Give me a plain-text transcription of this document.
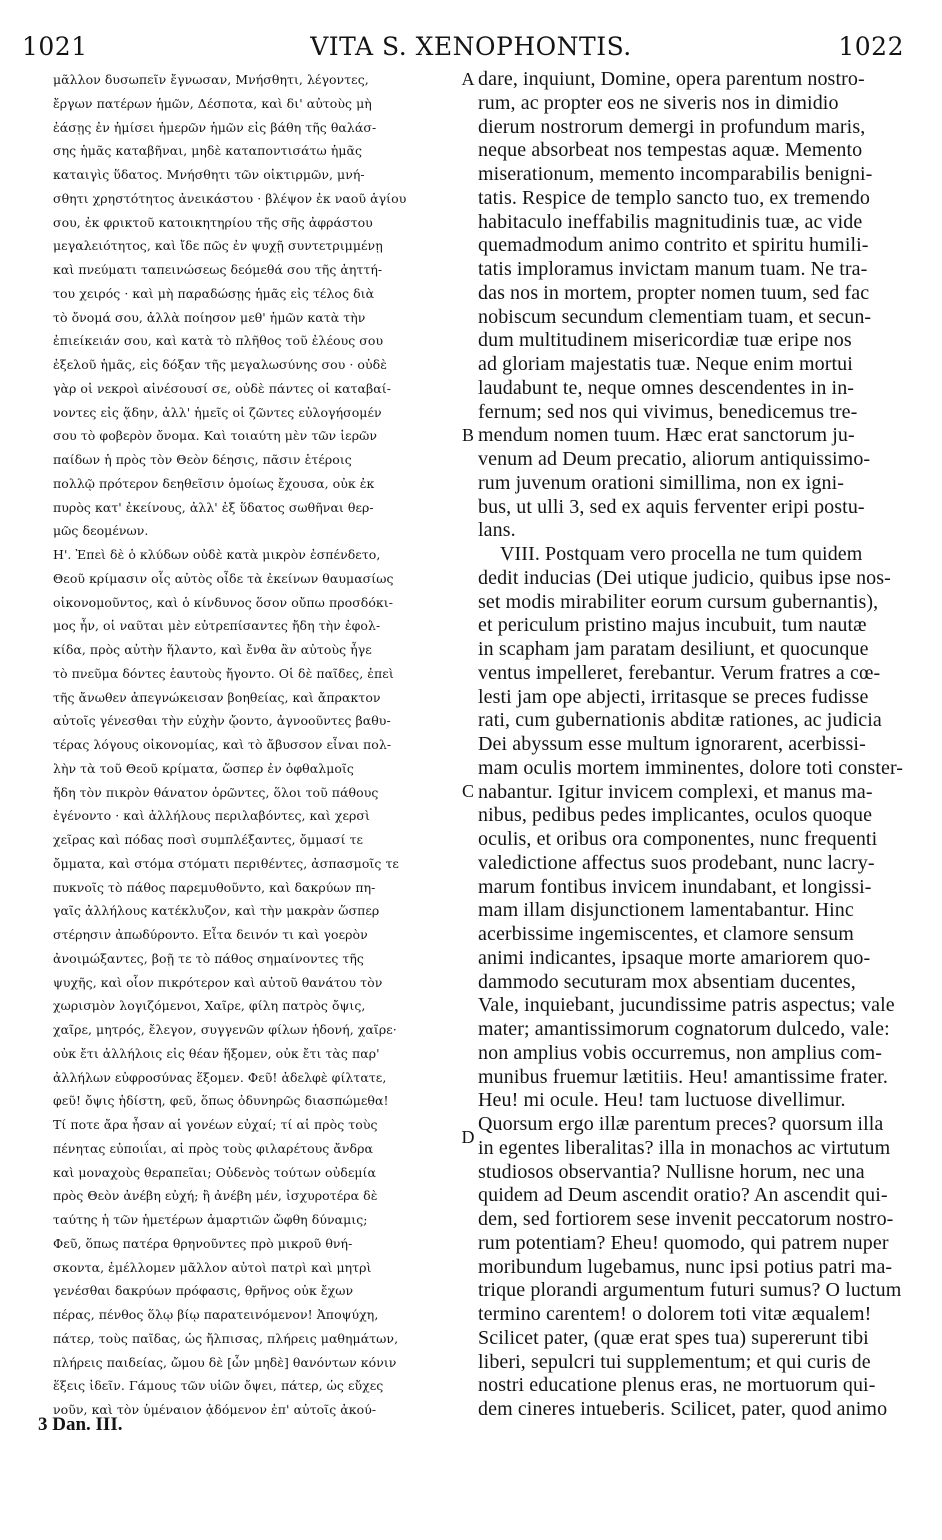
1021	VITA S. XENOPHONTIS.	1022
μᾶλλον δυσωπεῖν ἔγνωσαν, Μνήσθητι, λέγοντες,
ἔργων πατέρων ἡμῶν, Δέσποτα, καὶ δι' αὐτοὺς μὴ
ἐάσῃς ἐν ἡμίσει ἡμερῶν ἡμῶν εἰς βάθη τῆς θαλάσ-
σης ἡμᾶς καταβῆναι, μηδὲ καταποντισάτω ἡμᾶς
καταιγὶς ὕδατος. Μνήσθητι τῶν οἰκτιρμῶν, μνή-
σθητι χρηστότητος ἀνεικάστου · βλέψον ἐκ ναοῦ ἁγίου
σου, ἐκ φρικτοῦ κατοικητηρίου τῆς σῆς ἀφράστου
μεγαλειότητος, καὶ ἴδε πῶς ἐν ψυχῇ συντετριμμένῃ
καὶ πνεύματι ταπεινώσεως δεόμεθά σου τῆς ἀηττή-
του χειρός · καὶ μὴ παραδώσῃς ἡμᾶς εἰς τέλος διὰ
τὸ ὄνομά σου, ἀλλὰ ποίησον μεθ' ἡμῶν κατὰ τὴν
ἐπιείκειάν σου, καὶ κατὰ τὸ πλῆθος τοῦ ἐλέους σου
ἐξελοῦ ἡμᾶς, εἰς δόξαν τῆς μεγαλωσύνης σου · οὐδὲ
γὰρ οἱ νεκροὶ αἰνέσουσί σε, οὐδὲ πάντες οἱ καταβαί-
νοντες εἰς ᾅδην, ἀλλ' ἡμεῖς οἱ ζῶντες εὐλογήσομέν
σου τὸ φοβερὸν ὄνομα. Καὶ τοιαύτη μὲν τῶν ἱερῶν
παίδων ἡ πρὸς τὸν Θεὸν δέησις, πᾶσιν ἑτέροις
πολλῷ πρότερον δεηθεῖσιν ὁμοίως ἔχουσα, οὐκ ἐκ
πυρὸς κατ' ἐκείνους, ἀλλ' ἐξ ὕδατος σωθῆναι θερ-
μῶς δεομένων.
Η'. Ἐπεὶ δὲ ὁ κλύδων οὐδὲ κατὰ μικρὸν ἐσπένδετο,
Θεοῦ κρίμασιν οἷς αὐτὸς οἶδε τὰ ἐκείνων θαυμασίως
οἰκονομοῦντος, καὶ ὁ κίνδυνος ὅσον οὔπω προσδόκι-
μος ἦν, οἱ ναῦται μὲν εὐτρεπίσαντες ἤδη τὴν ἐφολ-
κίδα, πρὸς αὐτὴν ἥλαντο, καὶ ἔνθα ἂν αὐτοὺς ἦγε
τὸ πνεῦμα δόντες ἑαυτοὺς ἤγοντο. Οἱ δὲ παῖδες, ἐπεὶ
τῆς ἄνωθεν ἀπεγνώκεισαν βοηθείας, καὶ ἄπρακτον
αὐτοῖς γένεσθαι τὴν εὐχὴν ᾤοντο, ἀγνοοῦντες βαθυ-
τέρας λόγους οἰκονομίας, καὶ τὸ ἄβυσσον εἶναι πολ-
λὴν τὰ τοῦ Θεοῦ κρίματα, ὥσπερ ἐν ὀφθαλμοῖς
ἤδη τὸν πικρὸν θάνατον ὁρῶντες, ὅλοι τοῦ πάθους
ἐγένοντο · καὶ ἀλλήλους περιλαβόντες, καὶ χερσὶ
χεῖρας καὶ πόδας ποσὶ συμπλέξαντες, ὄμμασί τε
ὄμματα, καὶ στόμα στόματι περιθέντες, ἀσπασμοῖς τε
πυκνοῖς τὸ πάθος παρεμυθοῦντο, καὶ δακρύων πη-
γαῖς ἀλλήλους κατέκλυζον, καὶ τὴν μακρὰν ὥσπερ
στέρησιν ἀπωδύροντο. Εἶτα δεινόν τι καὶ γοερὸν
ἀνοιμώξαντες, βοῇ τε τὸ πάθος σημαίνοντες τῆς
ψυχῆς, καὶ οἷον πικρότερον καὶ αὐτοῦ θανάτου τὸν
χωρισμὸν λογιζόμενοι, Χαῖρε, φίλη πατρὸς ὄψις,
χαῖρε, μητρός, ἔλεγον, συγγενῶν φίλων ἡδονή, χαῖρε·
οὐκ ἔτι ἀλλήλοις εἰς θέαν ἥξομεν, οὐκ ἔτι τὰς παρ'
ἀλλήλων εὐφροσύνας ἕξομεν. Φεῦ! ἀδελφὲ φίλτατε,
φεῦ! ὄψις ἡδίστη, φεῦ, ὅπως ὀδυνηρῶς διασπώμεθα!
Τί ποτε ἄρα ἦσαν αἱ γονέων εὐχαί; τί αἱ πρὸς τοὺς
πένητας εὐποιΐαι, αἱ πρὸς τοὺς φιλαρέτους ἄνδρα
καὶ μοναχοὺς θεραπεῖαι; Οὐδενὸς τούτων οὐδεμία
πρὸς Θεὸν ἀνέβη εὐχή; ἢ ἀνέβη μέν, ἰσχυροτέρα δὲ
ταύτης ἡ τῶν ἡμετέρων ἁμαρτιῶν ὤφθη δύναμις;
Φεῦ, ὅπως πατέρα θρηνοῦντες πρὸ μικροῦ θνή-
σκοντα, ἐμέλλομεν μᾶλλον αὐτοὶ πατρὶ καὶ μητρὶ
γενέσθαι δακρύων πρόφασις, θρῆνος οὐκ ἔχων
πέρας, πένθος ὅλῳ βίῳ παρατεινόμενον! Ἀποψύχη,
πάτερ, τοὺς παῖδας, ὡς ἤλπισας, πλήρεις μαθημάτων,
πλήρεις παιδείας, ὤμου δὲ [ὧν μηδὲ] θανόντων κόνιν
ἕξεις ἰδεῖν. Γάμους τῶν υἱῶν ὄψει, πάτερ, ὡς εὔχες
νοῦν, καὶ τὸν ὑμέναιον ᾀδόμενον ἐπ' αὐτοῖς ἀκού-
A
B
C
D
dare, inquiunt, Domine, opera parentum nostro-
rum, ac propter eos ne siveris nos in dimidio
dierum nostrorum demergi in profundum maris,
neque absorbeat nos tempestas aquæ. Memento
miserationum, memento incomparabilis benigni-
tatis. Respice de templo sancto tuo, ex tremendo
habitaculo ineffabilis magnitudinis tuæ, ac vide
quemadmodum animo contrito et spiritu humili-
tatis imploramus invictam manum tuam. Ne tra-
das nos in mortem, propter nomen tuum, sed fac
nobiscum secundum clementiam tuam, et secun-
dum multitudinem misericordiæ tuæ eripe nos
ad gloriam majestatis tuæ. Neque enim mortui
laudabunt te, neque omnes descendentes in in-
fernum; sed nos qui vivimus, benedicemus tre-
mendum nomen tuum. Hæc erat sanctorum ju-
venum ad Deum precatio, aliorum antiquissimo-
rum juvenum orationi simillima, non ex igni-
bus, ut ulli 3, sed ex aquis ferventer eripi postu-
lans.
VIII. Postquam vero procella ne tum quidem
dedit inducias (Dei utique judicio, quibus ipse nos-
set modis mirabiliter eorum cursum gubernantis),
et periculum pristino majus incubuit, tum nautæ
in scapham jam paratam desiliunt, et quocunque
ventus impelleret, ferebantur. Verum fratres a cœ-
lesti jam ope abjecti, irritasque se preces fudisse
rati, cum gubernationis abditæ rationes, ac judicia
Dei abyssum esse multum ignorarent, acerbissi-
mam oculis mortem imminentes, dolore toti conster-
nabantur. Igitur invicem complexi, et manus ma-
nibus, pedibus pedes implicantes, oculos quoque
oculis, et oribus ora componentes, nunc frequenti
valedictione affectus suos prodebant, nunc lacry-
marum fontibus invicem inundabant, et longissi-
mam illam disjunctionem lamentabantur. Hinc
acerbissime ingemiscentes, et clamore sensum
animi indicantes, ipsaque morte amariorem quo-
dammodo secuturam mox absentiam ducentes,
Vale, inquiebant, jucundissime patris aspectus; vale
mater; amantissimorum cognatorum dulcedo, vale:
non amplius vobis occurremus, non amplius com-
munibus fruemur lætitiis. Heu! amantissime frater.
Heu! mi ocule. Heu! tam luctuose divellimur.
Quorsum ergo illæ parentum preces? quorsum illa
in egentes liberalitas? illa in monachos ac virtutum
studiosos observantia? Nullisne horum, nec una
quidem ad Deum ascendit oratio? An ascendit qui-
dem, sed fortiorem sese invenit peccatorum nostro-
rum potentiam? Eheu! quomodo, qui patrem nuper
moribundum lugebamus, nunc ipsi potius patri ma-
trique plorandi argumentum futuri sumus? O luctum
termino carentem! o dolorem toti vitæ æqualem!
Scilicet pater, (quæ erat spes tua) supererunt tibi
liberi, sepulcri tui supplementum; et qui curis de
nostri educatione plenus eras, ne mortuorum qui-
dem cineres intueberis. Scilicet, pater, quod animo
3 Dan. III.
